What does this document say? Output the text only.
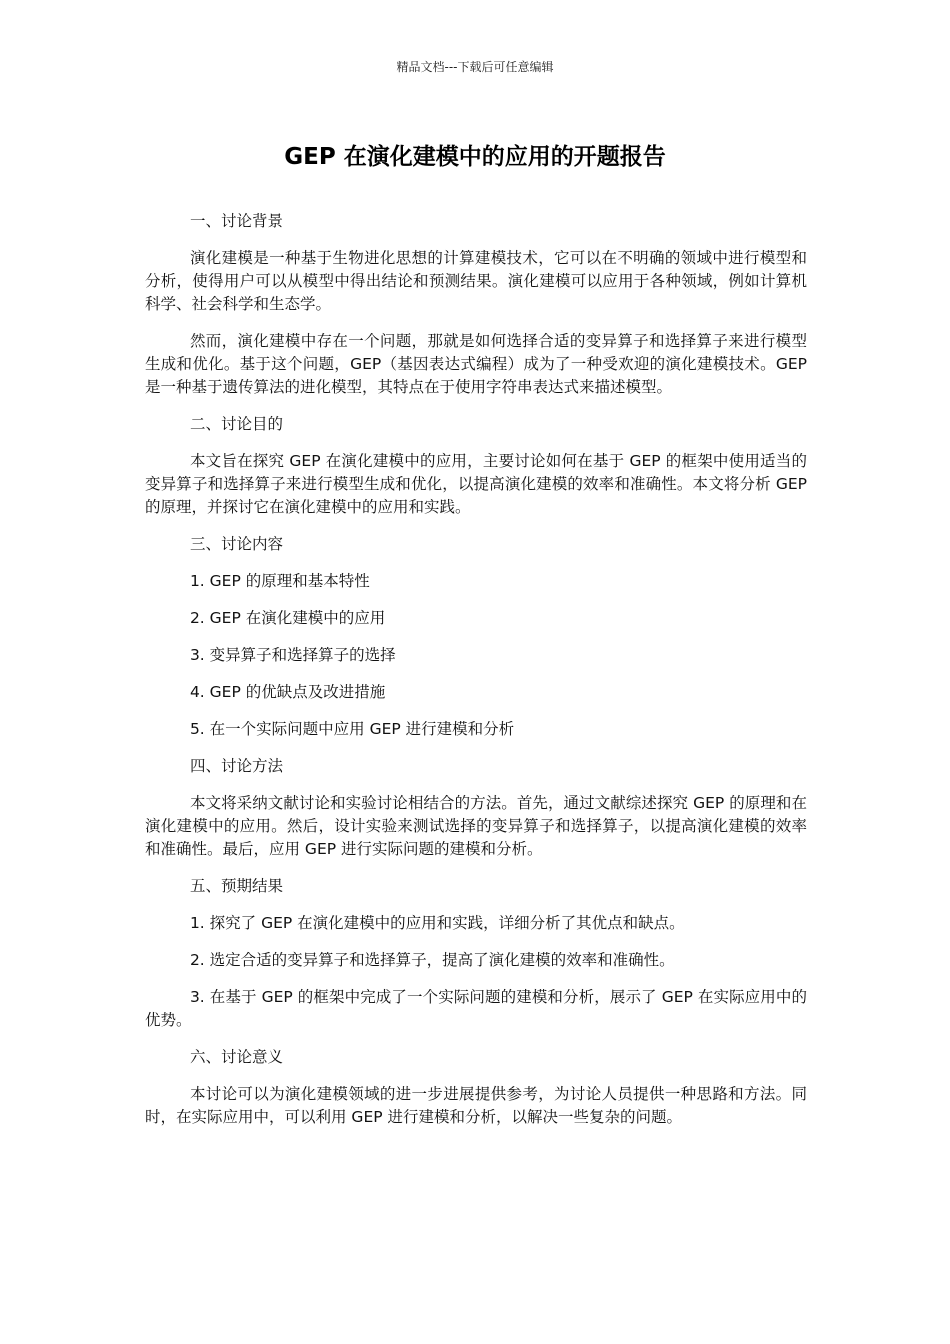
精品文档---下载后可任意编辑
GEP 在演化建模中的应用的开题报告

一、讨论背景

演化建模是一种基于生物进化思想的计算建模技术，它可以在不明确的领域中进行模型和分析，使得用户可以从模型中得出结论和预测结果。演化建模可以应用于各种领域，例如计算机科学、社会科学和生态学。

然而，演化建模中存在一个问题，那就是如何选择合适的变异算子和选择算子来进行模型生成和优化。基于这个问题，GEP（基因表达式编程）成为了一种受欢迎的演化建模技术。GEP 是一种基于遗传算法的进化模型，其特点在于使用字符串表达式来描述模型。

二、讨论目的

本文旨在探究 GEP 在演化建模中的应用，主要讨论如何在基于 GEP 的框架中使用适当的变异算子和选择算子来进行模型生成和优化，以提高演化建模的效率和准确性。本文将分析 GEP 的原理，并探讨它在演化建模中的应用和实践。

三、讨论内容

1. GEP 的原理和基本特性

2. GEP 在演化建模中的应用

3. 变异算子和选择算子的选择

4. GEP 的优缺点及改进措施

5. 在一个实际问题中应用 GEP 进行建模和分析

四、讨论方法

本文将采纳文献讨论和实验讨论相结合的方法。首先，通过文献综述探究 GEP 的原理和在演化建模中的应用。然后，设计实验来测试选择的变异算子和选择算子，以提高演化建模的效率和准确性。最后，应用 GEP 进行实际问题的建模和分析。

五、预期结果

1. 探究了 GEP 在演化建模中的应用和实践，详细分析了其优点和缺点。

2. 选定合适的变异算子和选择算子，提高了演化建模的效率和准确性。

3. 在基于 GEP 的框架中完成了一个实际问题的建模和分析，展示了 GEP 在实际应用中的优势。

六、讨论意义

本讨论可以为演化建模领域的进一步进展提供参考，为讨论人员提供一种思路和方法。同时，在实际应用中，可以利用 GEP 进行建模和分析，以解决一些复杂的问题。
